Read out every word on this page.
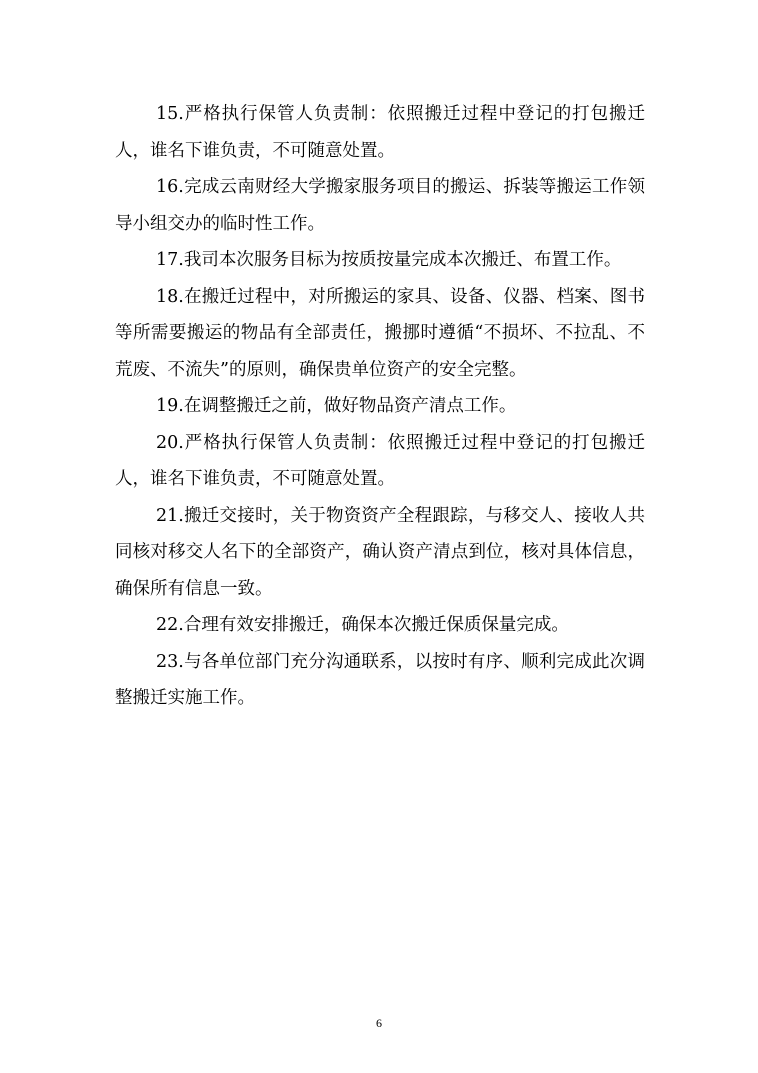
15.严格执行保管人负责制：依照搬迁过程中登记的打包搬迁人，谁名下谁负责，不可随意处置。

16.完成云南财经大学搬家服务项目的搬运、拆装等搬运工作领导小组交办的临时性工作。

17.我司本次服务目标为按质按量完成本次搬迁、布置工作。

18.在搬迁过程中，对所搬运的家具、设备、仪器、档案、图书等所需要搬运的物品有全部责任，搬挪时遵循“不损坏、不拉乱、不荒废、不流失”的原则，确保贵单位资产的安全完整。

19.在调整搬迁之前，做好物品资产清点工作。

20.严格执行保管人负责制：依照搬迁过程中登记的打包搬迁人，谁名下谁负责，不可随意处置。

21.搬迁交接时，关于物资资产全程跟踪，与移交人、接收人共同核对移交人名下的全部资产，确认资产清点到位，核对具体信息，确保所有信息一致。

22.合理有效安排搬迁，确保本次搬迁保质保量完成。

23.与各单位部门充分沟通联系，以按时有序、顺利完成此次调整搬迁实施工作。

6
